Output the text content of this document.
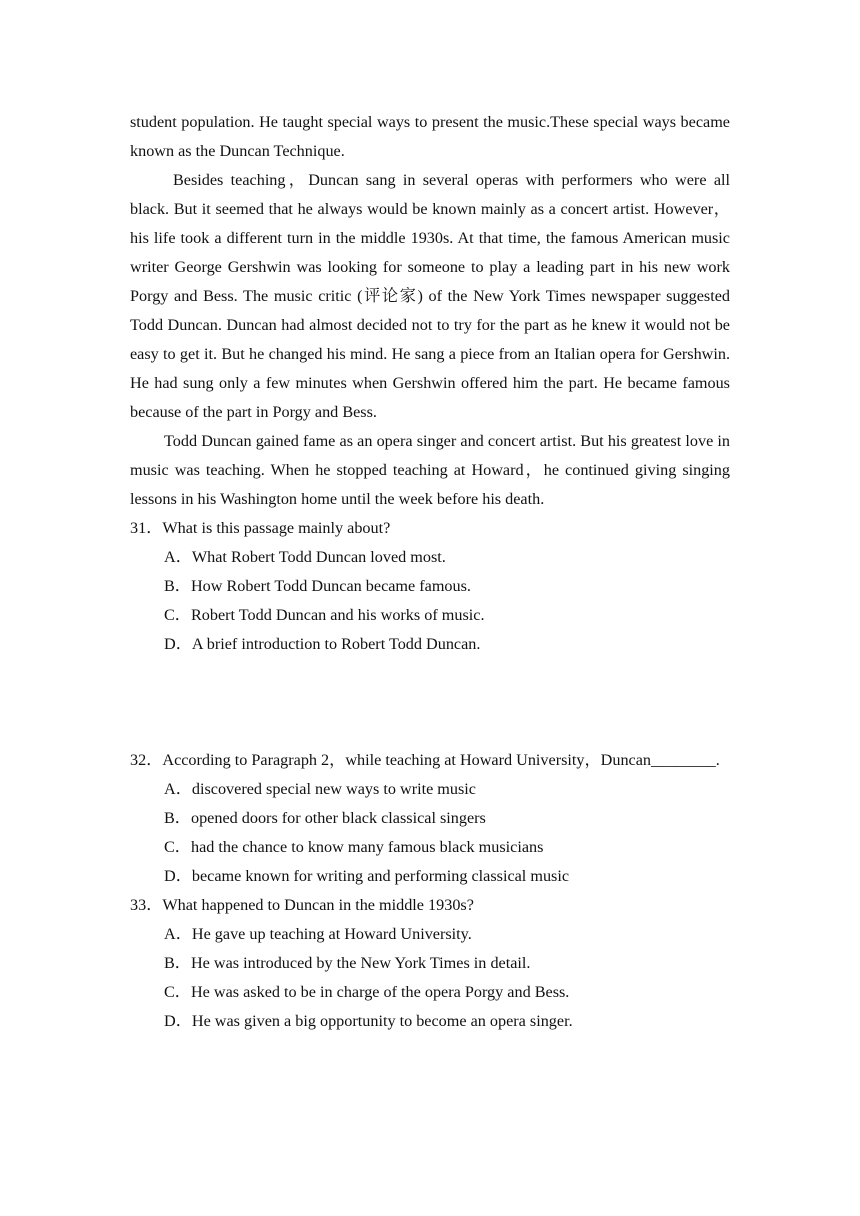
student population. He taught special ways to present the music.These special ways became known as the Duncan Technique.

Besides teaching，Duncan sang in several operas with performers who were all black. But it seemed that he always would be known mainly as a concert artist. However，his life took a different turn in the middle 1930s. At that time, the famous American music writer George Gershwin was looking for someone to play a leading part in his new work Porgy and Bess. The music critic (评论家) of the New York Times newspaper suggested Todd Duncan. Duncan had almost decided not to try for the part as he knew it would not be easy to get it. But he changed his mind. He sang a piece from an Italian opera for Gershwin. He had sung only a few minutes when Gershwin offered him the part. He became famous because of the part in Porgy and Bess.

Todd Duncan gained fame as an opera singer and concert artist. But his greatest love in music was teaching. When he stopped teaching at Howard，he continued giving singing lessons in his Washington home until the week before his death.

31．What is this passage mainly about?

A．What Robert Todd Duncan loved most.

B．How Robert Todd Duncan became famous.

C．Robert Todd Duncan and his works of music.

D．A brief introduction to Robert Todd Duncan.

32．According to Paragraph 2，while teaching at Howard University，Duncan________.

A．discovered special new ways to write music

B．opened doors for other black classical singers

C．had the chance to know many famous black musicians

D．became known for writing and performing classical music

33．What happened to Duncan in the middle 1930s?

A．He gave up teaching at Howard University.

B．He was introduced by the New York Times in detail.

C．He was asked to be in charge of the opera Porgy and Bess.

D．He was given a big opportunity to become an opera singer.
